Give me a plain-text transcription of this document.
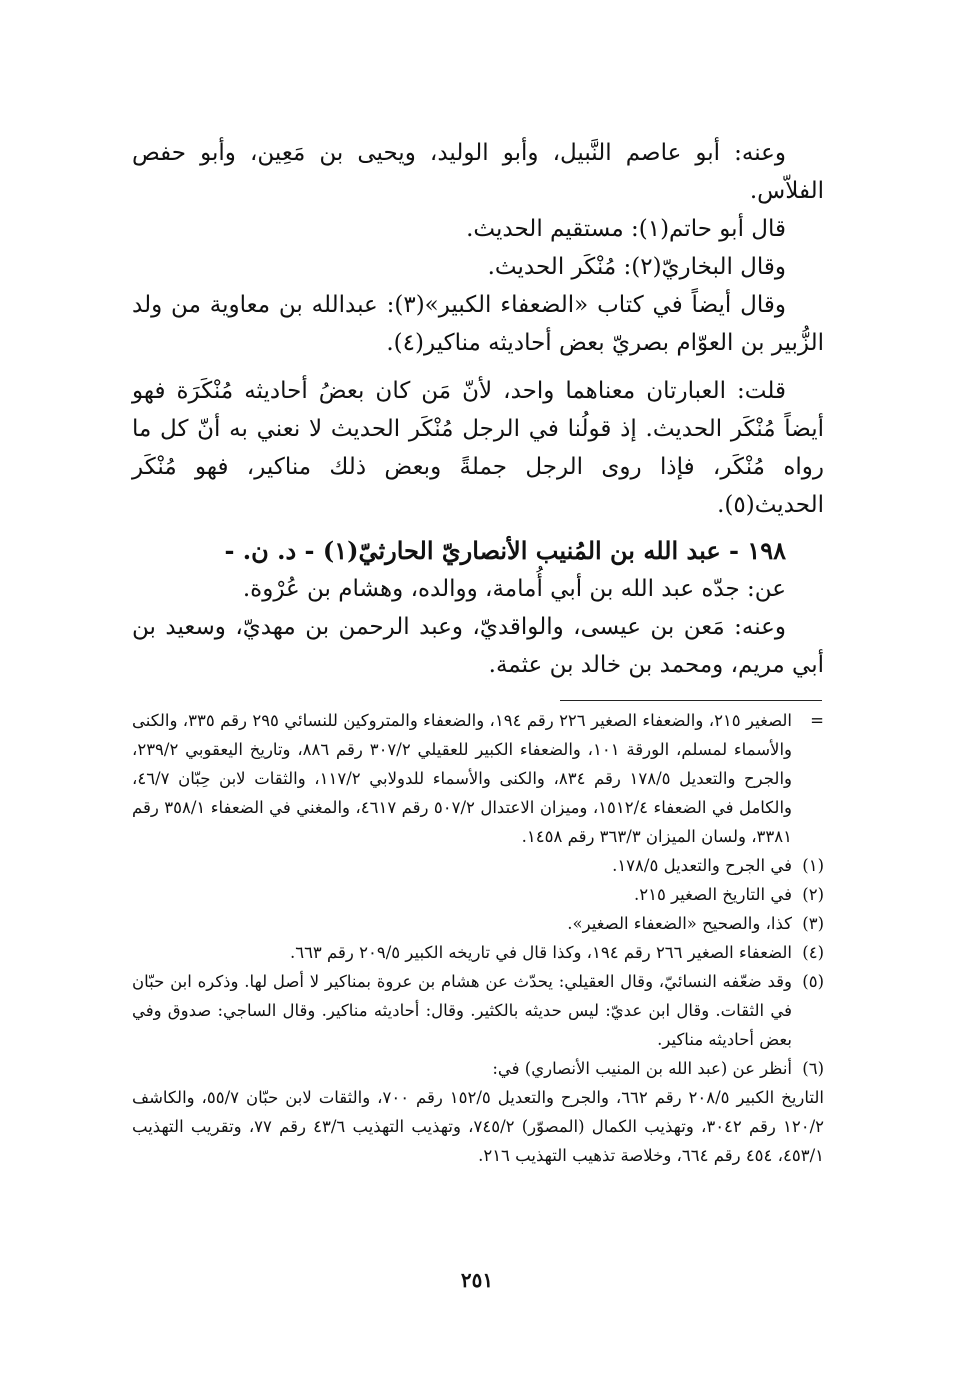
وعنه: أبو عاصم النَّبيل، وأبو الوليد، ويحيى بن مَعِين، وأبو حفص الفلاّس.

قال أبو حاتم(١): مستقيم الحديث.

وقال البخاريّ(٢): مُنْكَر الحديث.

وقال أيضاً في كتاب «الضعفاء الكبير»(٣): عبدالله بن معاوية من ولد الزُّبير بن العوّام بصريّ بعض أحاديثه مناكير(٤).

قلت: العبارتان معناهما واحد، لأنّ مَن كان بعضُ أحاديثه مُنْكَرَة فهو أيضاً مُنْكَر الحديث. إذ قولُنا في الرجل مُنْكَر الحديث لا نعني به أنّ كل ما رواه مُنْكَر، فإذا روى الرجل جملةً وبعض ذلك مناكير، فهو مُنْكَر الحديث(٥).

١٩٨ - عبد الله بن المُنيب الأنصاريّ الحارثيّ(١) - د. ن. -

عن: جدّه عبد الله بن أبي أُمامة، ووالده، وهشام بن عُرْوة.

وعنه: مَعن بن عيسى، والواقديّ، وعبد الرحمن بن مهديّ، وسعيد بن أبي مريم، ومحمد بن خالد بن عثمة.

=

الصغير ٢١٥، والضعفاء الصغير ٢٢٦ رقم ١٩٤، والضعفاء والمتروكين للنسائي ٢٩٥ رقم ٣٣٥، والكنى والأسماء لمسلم، الورقة ١٠١، والضعفاء الكبير للعقيلي ٣٠٧/٢ رقم ٨٨٦، وتاريخ اليعقوبي ٢٣٩/٢، والجرح والتعديل ١٧٨/٥ رقم ٨٣٤، والكنى والأسماء للدولابي ١١٧/٢، والثقات لابن حِبّان ٤٦/٧، والكامل في الضعفاء ١٥١٢/٤، وميزان الاعتدال ٥٠٧/٢ رقم ٤٦١٧، والمغني في الضعفاء ٣٥٨/١ رقم ٣٣٨١، ولسان الميزان ٣٦٣/٣ رقم ١٤٥٨.

(١)

في الجرح والتعديل ١٧٨/٥.

(٢)

في التاريخ الصغير ٢١٥.

(٣)

كذا، والصحيح «الضعفاء الصغير».

(٤)

الضعفاء الصغير ٢٦٦ رقم ١٩٤، وكذا قال في تاريخه الكبير ٢٠٩/٥ رقم ٦٦٣.

(٥)

وقد ضعّفه النسائيّ، وقال العقيلي: يحدّث عن هشام بن عروة بمناكير لا أصل لها. وذكره ابن حبّان في الثقات. وقال ابن عديّ: ليس حديثه بالكثير. وقال: أحاديثه مناكير. وقال الساجي: صدوق وفي بعض أحاديثه مناكير.

(٦)

أنظر عن (عبد الله بن المنيب الأنصاري) في:

التاريخ الكبير ٢٠٨/٥ رقم ٦٦٢، والجرح والتعديل ١٥٢/٥ رقم ٧٠٠، والثقات لابن حبّان ٥٥/٧، والكاشف ١٢٠/٢ رقم ٣٠٤٢، وتهذيب الكمال (المصوّر) ٧٤٥/٢، وتهذيب التهذيب ٤٣/٦ رقم ٧٧، وتقريب التهذيب ٤٥٣/١، ٤٥٤ رقم ٦٦٤، وخلاصة تذهيب التهذيب ٢١٦.

٢٥١
